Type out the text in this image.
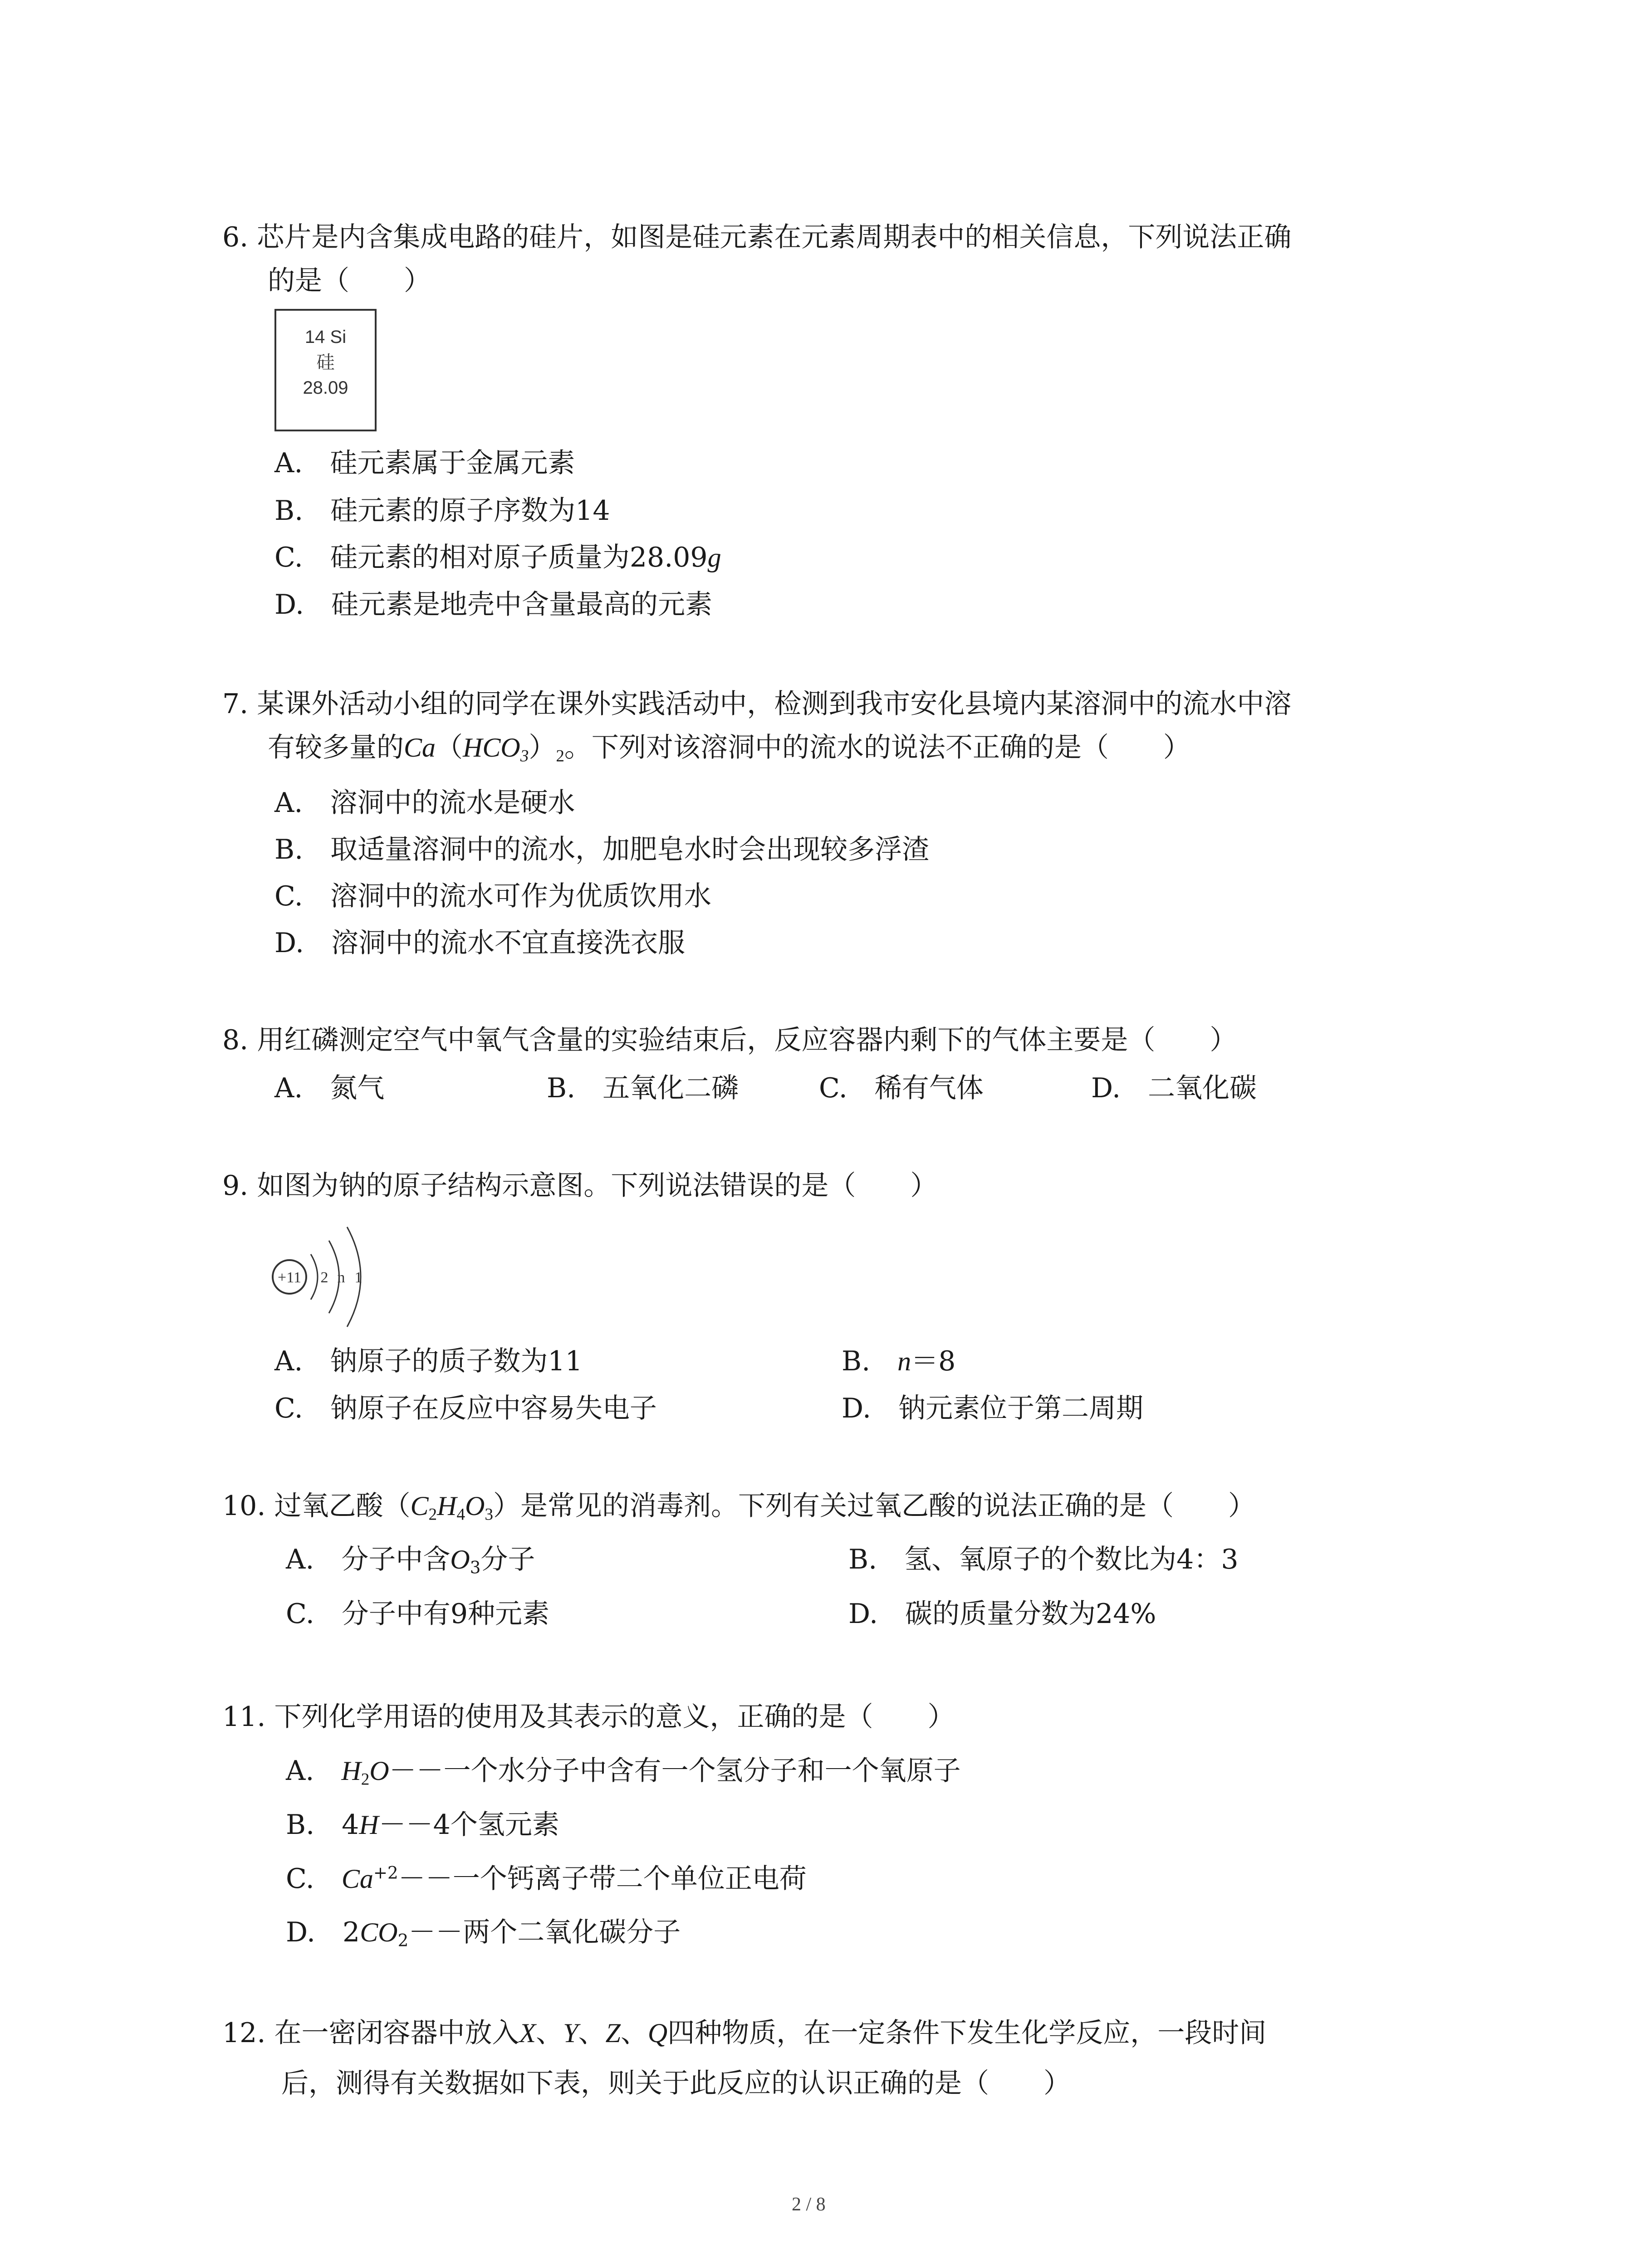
6. 芯片是内含集成电路的硅片，如图是硅元素在元素周期表中的相关信息，下列说法正确
的是（　　）
14 Si
硅
28.09
A.　硅元素属于金属元素
B.　硅元素的原子序数为14
C.　硅元素的相对原子质量为28.09g
D.　硅元素是地壳中含量最高的元素
7. 某课外活动小组的同学在课外实践活动中，检测到我市安化县境内某溶洞中的流水中溶
有较多量的$Ca(HCO_3)_2$。下列对该溶洞中的流水的说法不正确的是（　　）
A.　溶洞中的流水是硬水
B.　取适量溶洞中的流水，加肥皂水时会出现较多浮渣
C.　溶洞中的流水可作为优质饮用水
D.　溶洞中的流水不宜直接洗衣服
8. 用红磷测定空气中氧气含量的实验结束后，反应容器内剩下的气体主要是（　　）
A.　氮气	B.　五氧化二磷	C.　稀有气体	D.　二氧化碳
9. 如图为钠的原子结构示意图。下列说法错误的是（　　）
+11 2 n 1
A.　钠原子的质子数为11	B.　n＝8
C.　钠原子在反应中容易失电子	D.　钠元素位于第二周期
10. 过氧乙酸$(C_2H_4O_3)$是常见的消毒剂。下列有关过氧乙酸的说法正确的是（　　）
A.　分子中含$O_3$分子	B.　氢、氧原子的个数比为4：3
C.　分子中有9种元素	D.　碳的质量分数为24%
11. 下列化学用语的使用及其表示的意义，正确的是（　　）
A.　$H_2O--$一个水分子中含有一个氢分子和一个氧原子
B.　4H－－4个氢元素
C.　$Ca^{+2}--$一个钙离子带二个单位正电荷
D.　$2CO_2--$两个二氧化碳分子
12. 在一密闭容器中放入X、Y、Z、Q四种物质，在一定条件下发生化学反应，一段时间
后，测得有关数据如下表，则关于此反应的认识正确的是（　　）
2 / 8
